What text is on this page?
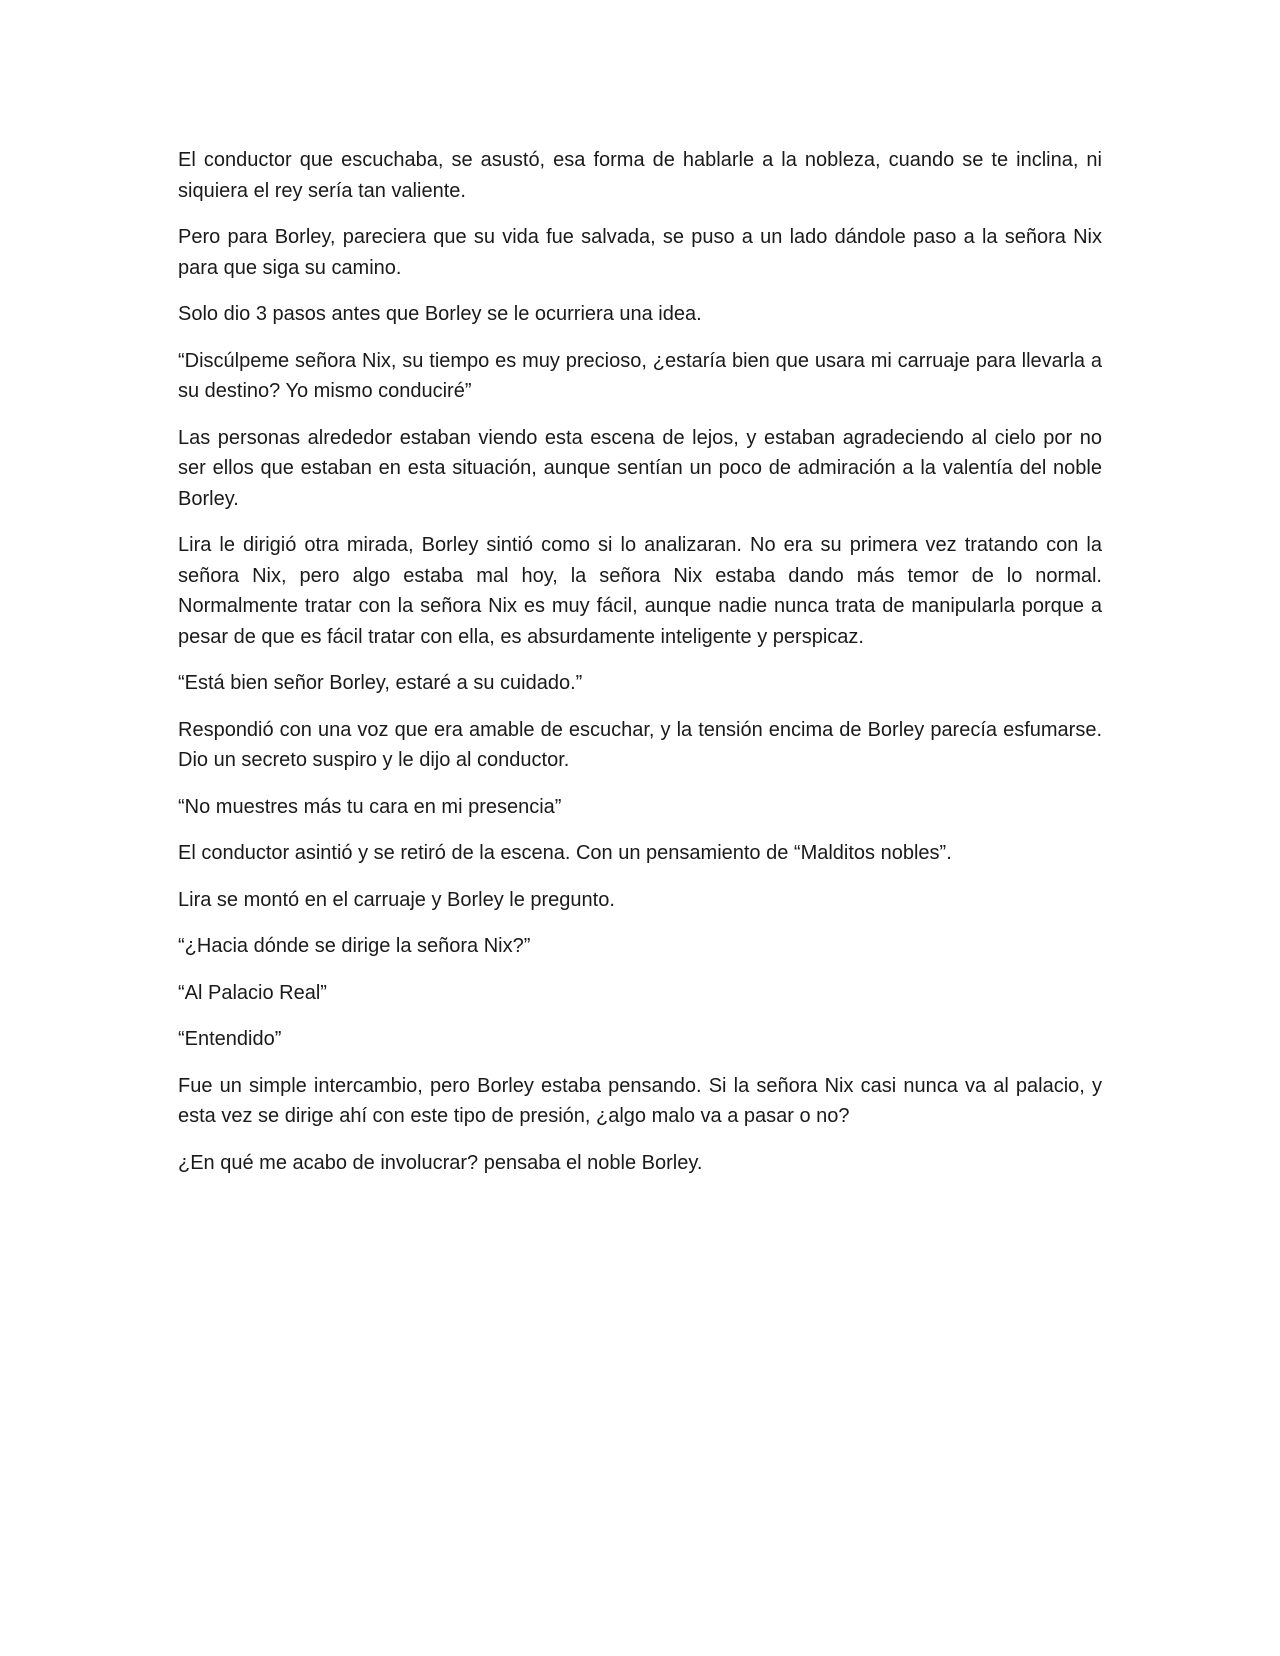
El conductor que escuchaba, se asustó, esa forma de hablarle a la nobleza, cuando se te inclina, ni siquiera el rey sería tan valiente.

Pero para Borley, pareciera que su vida fue salvada, se puso a un lado dándole paso a la señora Nix para que siga su camino.

Solo dio 3 pasos antes que Borley se le ocurriera una idea.

“Discúlpeme señora Nix, su tiempo es muy precioso, ¿estaría bien que usara mi carruaje para llevarla a su destino? Yo mismo conduciré”

Las personas alrededor estaban viendo esta escena de lejos, y estaban agradeciendo al cielo por no ser ellos que estaban en esta situación, aunque sentían un poco de admiración a la valentía del noble Borley.

Lira le dirigió otra mirada, Borley sintió como si lo analizaran. No era su primera vez tratando con la señora Nix, pero algo estaba mal hoy, la señora Nix estaba dando más temor de lo normal. Normalmente tratar con la señora Nix es muy fácil, aunque nadie nunca trata de manipularla porque a pesar de que es fácil tratar con ella, es absurdamente inteligente y perspicaz.

“Está bien señor Borley, estaré a su cuidado.”

Respondió con una voz que era amable de escuchar, y la tensión encima de Borley parecía esfumarse. Dio un secreto suspiro y le dijo al conductor.

“No muestres más tu cara en mi presencia”

El conductor asintió y se retiró de la escena. Con un pensamiento de “Malditos nobles”.

Lira se montó en el carruaje y Borley le pregunto.

“¿Hacia dónde se dirige la señora Nix?”

“Al Palacio Real”

“Entendido”

Fue un simple intercambio, pero Borley estaba pensando. Si la señora Nix casi nunca va al palacio, y esta vez se dirige ahí con este tipo de presión, ¿algo malo va a pasar o no?

¿En qué me acabo de involucrar? pensaba el noble Borley.
